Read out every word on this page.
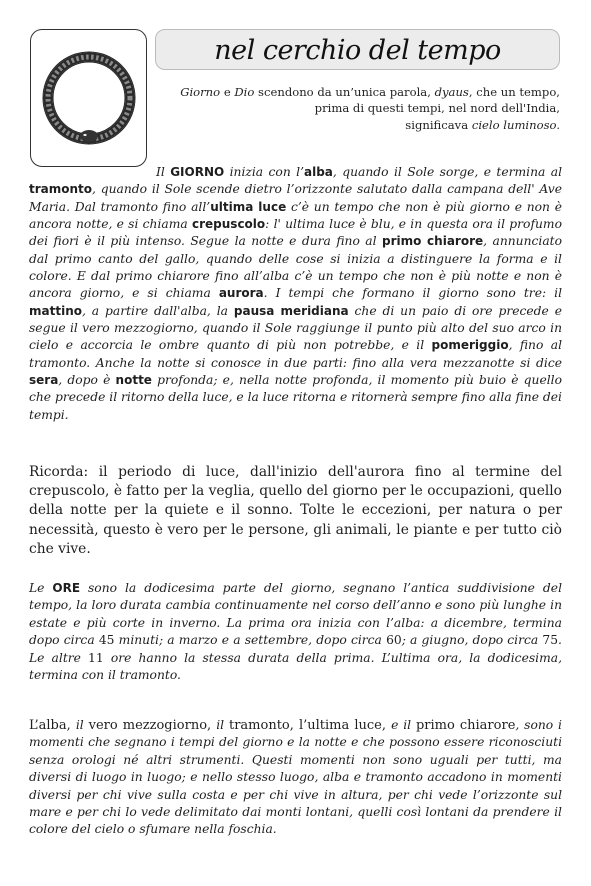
nel cerchio del tempo
Giorno e Dio scendono da un’unica parola, dyaus, che un tempo,
prima di questi tempi, nel nord dell'India,
significava cielo luminoso.

Il GIORNO inizia con l’alba, quando il Sole sorge, e termina al tramonto, quando il Sole scende dietro l’orizzonte salutato dalla campana dell' Ave Maria. Dal tramonto fino all’ultima luce c’è un tempo che non è più giorno e non è ancora notte, e si chiama crepuscolo: l' ultima luce è blu, e in questa ora il profumo dei fiori è il più intenso. Segue la notte e dura fino al primo chiarore, annunciato dal primo canto del gallo, quando delle cose si inizia a distinguere la forma e il colore. E dal primo chiarore fino all’alba c’è un tempo che non è più notte e non è ancora giorno, e si chiama aurora. I tempi che formano il giorno sono tre: il mattino, a partire dall'alba, la pausa meridiana che di un paio di ore precede e segue il vero mezzogiorno, quando il Sole raggiunge il punto più alto del suo arco in cielo e accorcia le ombre quanto di più non potrebbe, e il pomeriggio, fino al tramonto. Anche la notte si conosce in due parti: fino alla vera mezzanotte si dice sera, dopo è notte profonda; e, nella notte profonda, il momento più buio è quello che precede il ritorno della luce, e la luce ritorna e ritornerà sempre fino alla fine dei tempi.

Ricorda: il periodo di luce, dall'inizio dell'aurora fino al termine del crepuscolo, è fatto per la veglia, quello del giorno per le occupazioni, quello della notte per la quiete e il sonno. Tolte le eccezioni, per natura o per necessità, questo è vero per le persone, gli animali, le piante e per tutto ciò che vive.

Le ORE sono la dodicesima parte del giorno, segnano l’antica suddivisione del tempo, la loro durata cambia continuamente nel corso dell’anno e sono più lunghe in estate e più corte in inverno. La prima ora inizia con l’alba: a dicembre, termina dopo circa 45 minuti; a marzo e a settembre, dopo circa 60; a giugno, dopo circa 75. Le altre 11 ore hanno la stessa durata della prima. L’ultima ora, la dodicesima, termina con il tramonto.

L’alba, il vero mezzogiorno, il tramonto, l’ultima luce, e il primo chiarore, sono i momenti che segnano i tempi del giorno e la notte e che possono essere riconosciuti senza orologi né altri strumenti. Questi momenti non sono uguali per tutti, ma diversi di luogo in luogo; e nello stesso luogo, alba e tramonto accadono in momenti diversi per chi vive sulla costa e per chi vive in altura, per chi vede l’orizzonte sul mare e per chi lo vede delimitato dai monti lontani, quelli così lontani da prendere il colore del cielo o sfumare nella foschia.
